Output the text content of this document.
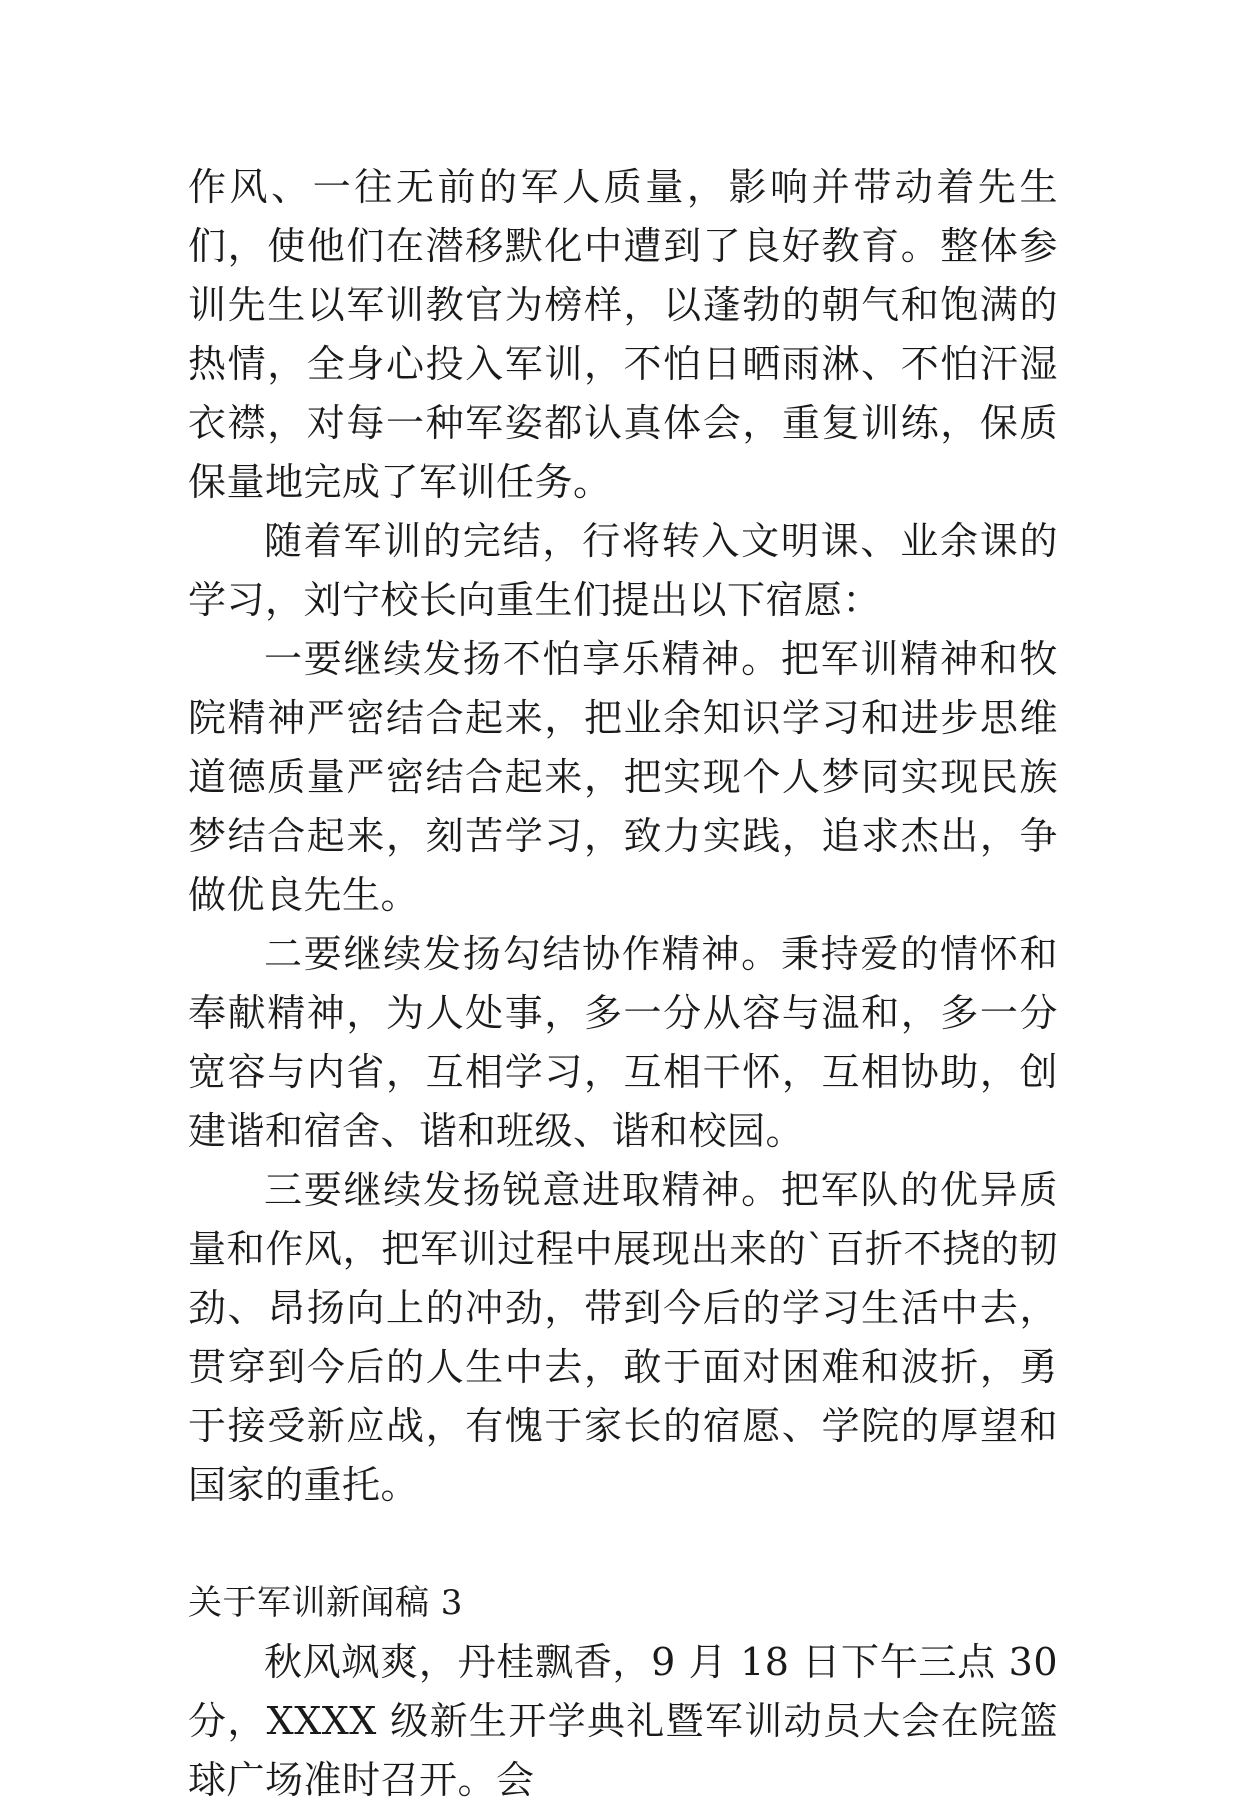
作风、一往无前的军人质量，影响并带动着先生们，使他们在潜移默化中遭到了良好教育。整体参训先生以军训教官为榜样，以蓬勃的朝气和饱满的热情，全身心投入军训，不怕日晒雨淋、不怕汗湿衣襟，对每一种军姿都认真体会，重复训练，保质保量地完成了军训任务。

随着军训的完结，行将转入文明课、业余课的学习，刘宁校长向重生们提出以下宿愿：

一要继续发扬不怕享乐精神。把军训精神和牧院精神严密结合起来，把业余知识学习和进步思维道德质量严密结合起来，把实现个人梦同实现民族梦结合起来，刻苦学习，致力实践，追求杰出，争做优良先生。

二要继续发扬勾结协作精神。秉持爱的情怀和奉献精神，为人处事，多一分从容与温和，多一分宽容与内省，互相学习，互相干怀，互相协助，创建谐和宿舍、谐和班级、谐和校园。

三要继续发扬锐意进取精神。把军队的优异质量和作风，把军训过程中展现出来的`百折不挠的韧劲、昂扬向上的冲劲，带到今后的学习生活中去，贯穿到今后的人生中去，敢于面对困难和波折，勇于接受新应战，有愧于家长的宿愿、学院的厚望和国家的重托。

关于军训新闻稿 3

秋风飒爽，丹桂飘香，9 月 18 日下午三点 30 分，XXXX 级新生开学典礼暨军训动员大会在院篮球广场准时召开。会
